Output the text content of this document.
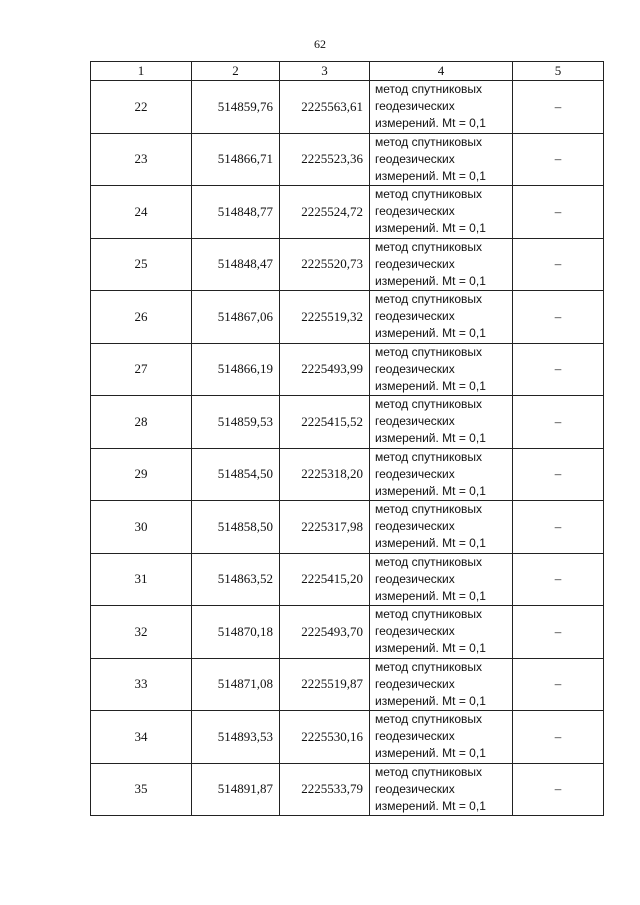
62
1	2	3	4	5
22	514859,76	2225563,61	метод спутниковых
геодезических
измерений. Mt = 0,1	–
23	514866,71	2225523,36	метод спутниковых
геодезических
измерений. Mt = 0,1	–
24	514848,77	2225524,72	метод спутниковых
геодезических
измерений. Mt = 0,1	–
25	514848,47	2225520,73	метод спутниковых
геодезических
измерений. Mt = 0,1	–
26	514867,06	2225519,32	метод спутниковых
геодезических
измерений. Mt = 0,1	–
27	514866,19	2225493,99	метод спутниковых
геодезических
измерений. Mt = 0,1	–
28	514859,53	2225415,52	метод спутниковых
геодезических
измерений. Mt = 0,1	–
29	514854,50	2225318,20	метод спутниковых
геодезических
измерений. Mt = 0,1	–
30	514858,50	2225317,98	метод спутниковых
геодезических
измерений. Mt = 0,1	–
31	514863,52	2225415,20	метод спутниковых
геодезических
измерений. Mt = 0,1	–
32	514870,18	2225493,70	метод спутниковых
геодезических
измерений. Mt = 0,1	–
33	514871,08	2225519,87	метод спутниковых
геодезических
измерений. Mt = 0,1	–
34	514893,53	2225530,16	метод спутниковых
геодезических
измерений. Mt = 0,1	–
35	514891,87	2225533,79	метод спутниковых
геодезических
измерений. Mt = 0,1	–
